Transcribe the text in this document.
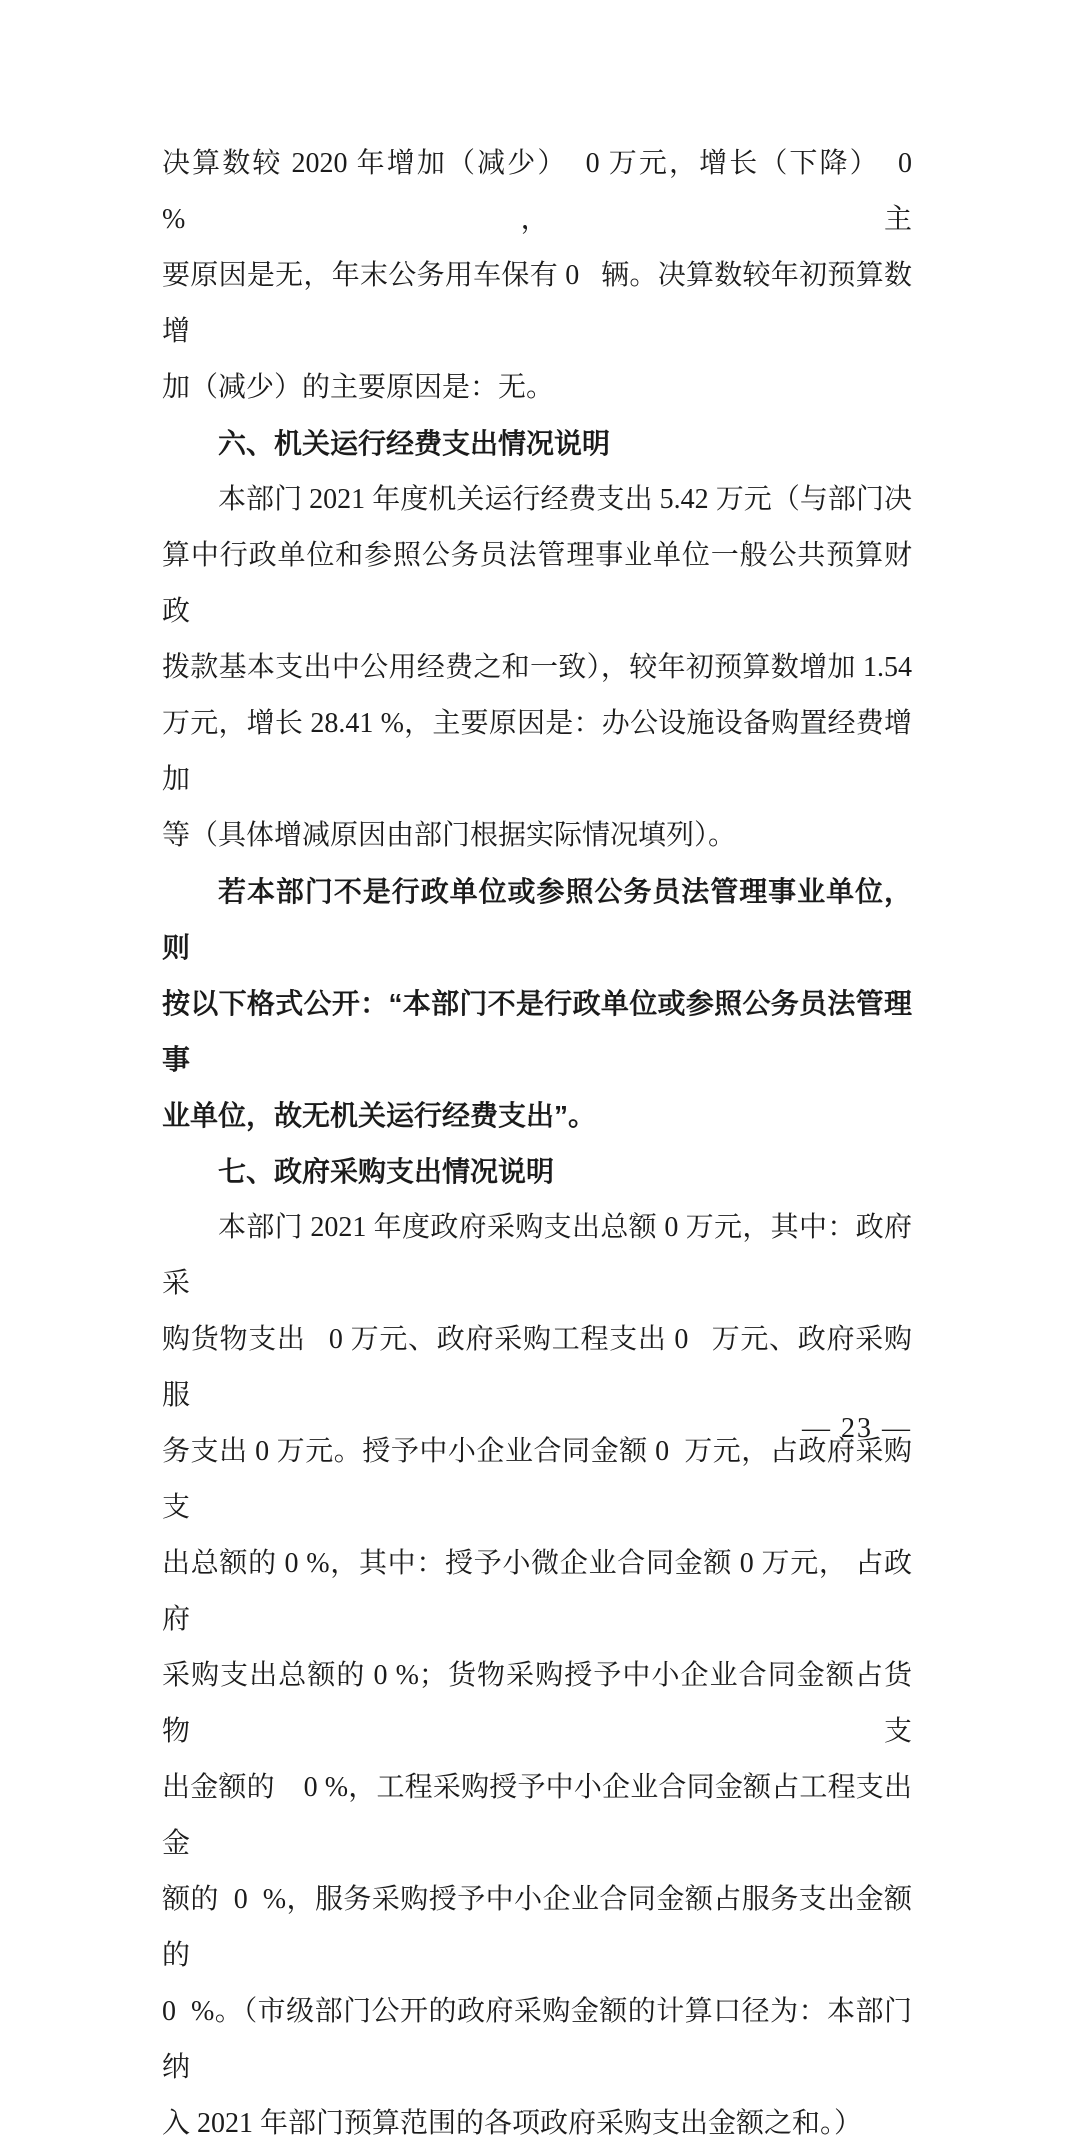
决算数较 2020 年增加（减少）  0 万元，增长（下降）  0 %，主
要原因是无，年末公务用车保有 0   辆。决算数较年初预算数增
加（减少）的主要原因是：无。
六、机关运行经费支出情况说明
本部门 2021 年度机关运行经费支出 5.42 万元（与部门决
算中行政单位和参照公务员法管理事业单位一般公共预算财政
拨款基本支出中公用经费之和一致），较年初预算数增加 1.54
万元，增长 28.41 %，主要原因是：办公设施设备购置经费增加
等（具体增减原因由部门根据实际情况填列）。
若本部门不是行政单位或参照公务员法管理事业单位，则
按以下格式公开：“本部门不是行政单位或参照公务员法管理事
业单位，故无机关运行经费支出”。
七、政府采购支出情况说明
本部门 2021 年度政府采购支出总额 0 万元，其中：政府采
购货物支出   0 万元、政府采购工程支出 0   万元、政府采购服
务支出 0 万元。授予中小企业合同金额 0  万元，占政府采购支
出总额的 0 %，其中：授予小微企业合同金额 0 万元， 占政府
采购支出总额的 0 %；货物采购授予中小企业合同金额占货物支
出金额的    0 %，工程采购授予中小企业合同金额占工程支出金
额的  0  %，服务采购授予中小企业合同金额占服务支出金额的
0  %。（市级部门公开的政府采购金额的计算口径为：本部门纳
入 2021 年部门预算范围的各项政府采购支出金额之和。）
— 23 —
